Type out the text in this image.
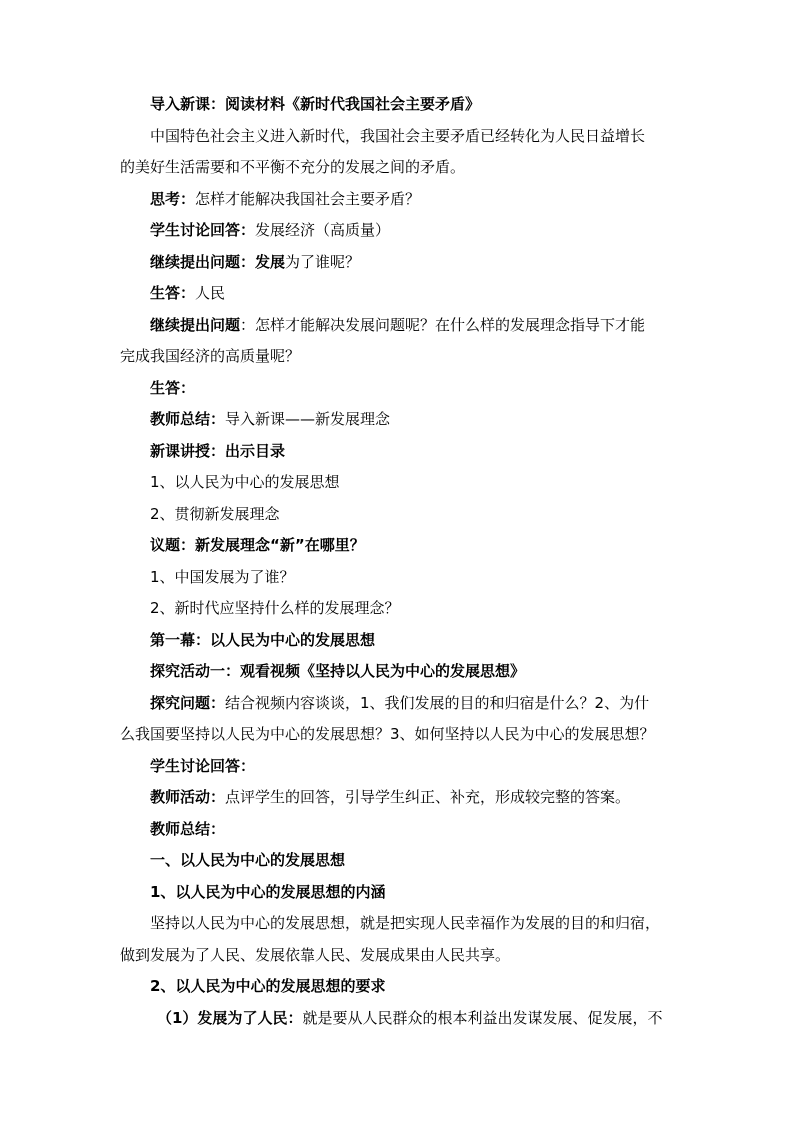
导入新课：阅读材料《新时代我国社会主要矛盾》
中国特色社会主义进入新时代，我国社会主要矛盾已经转化为人民日益增长
的美好生活需要和不平衡不充分的发展之间的矛盾。
思考：怎样才能解决我国社会主要矛盾？
学生讨论回答：发展经济（高质量）
继续提出问题：发展为了谁呢？
生答：人民
继续提出问题：怎样才能解决发展问题呢？在什么样的发展理念指导下才能
完成我国经济的高质量呢？
生答：
教师总结：导入新课——新发展理念
新课讲授：出示目录
1、以人民为中心的发展思想
2、贯彻新发展理念
议题：新发展理念“新”在哪里？
1、中国发展为了谁？
2、新时代应坚持什么样的发展理念？
第一幕：以人民为中心的发展思想
探究活动一：观看视频《坚持以人民为中心的发展思想》
探究问题：结合视频内容谈谈，1、我们发展的目的和归宿是什么？2、为什
么我国要坚持以人民为中心的发展思想？3、如何坚持以人民为中心的发展思想？
学生讨论回答：
教师活动：点评学生的回答，引导学生纠正、补充，形成较完整的答案。
教师总结：
一、以人民为中心的发展思想
1、以人民为中心的发展思想的内涵
坚持以人民为中心的发展思想，就是把实现人民幸福作为发展的目的和归宿，
做到发展为了人民、发展依靠人民、发展成果由人民共享。
2、以人民为中心的发展思想的要求
（1）发展为了人民：就是要从人民群众的根本利益出发谋发展、促发展，不
